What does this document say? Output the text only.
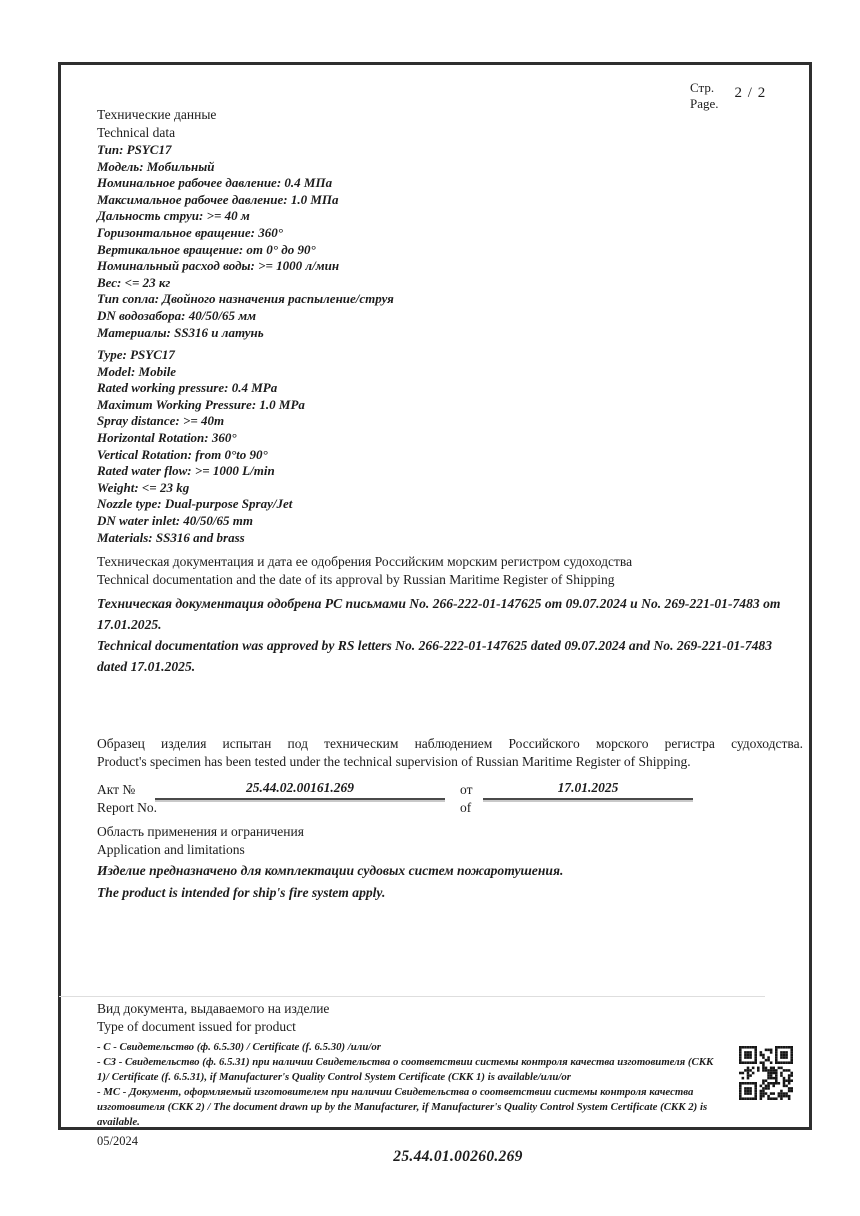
Стр.

Page.

2 / 2

Технические данные

Technical data

Тип: PSYC17
Модель: Мобильный
Номинальное рабочее давление: 0.4 МПа
Максимальное рабочее давление: 1.0 МПа
Дальность струи: >= 40 м
Горизонтальное вращение: 360°
Вертикальное вращение: от 0° до 90°
Номинальный расход воды: >= 1000 л/мин
Вес: <= 23 кг
Тип сопла: Двойного назначения распыление/струя
DN водозабора: 40/50/65 мм
Материалы: SS316 и латунь
Type: PSYC17
Model: Mobile
Rated working pressure: 0.4 MPa
Maximum Working Pressure: 1.0 MPa
Spray distance: >= 40m
Horizontal Rotation: 360°
Vertical Rotation: from 0°to 90°
Rated water flow: >= 1000 L/min
Weight: <= 23 kg
Nozzle type: Dual-purpose Spray/Jet
DN water inlet: 40/50/65 mm
Materials: SS316 and brass

Техническая документация и дата ее одобрения Российским морским регистром судоходства

Technical documentation and the date of its approval by Russian Maritime Register of Shipping

Техническая документация одобрена РС письмами No. 266-222-01-147625 от 09.07.2024 и No. 269-221-01-7483 от 17.01.2025.

Technical documentation was approved by RS letters No. 266-222-01-147625 dated 09.07.2024 and No. 269-221-01-7483 dated 17.01.2025.

Образец изделия испытан под техническим наблюдением Российского морского регистра судоходства.

Product's specimen has been tested under the technical supervision of Russian Maritime Register of Shipping.

Акт №

Report No.

25.44.02.00161.269	от

of

17.01.2025

Область применения и ограничения

Application and limitations

Изделие предназначено для комплектации судовых систем пожаротушения.

The product is intended for ship's fire system apply.

Вид документа, выдаваемого на изделие

Type of document issued for product

- С - Свидетельство (ф. 6.5.30) / Certificate (f. 6.5.30) /или/or
- СЗ - Свидетельство (ф. 6.5.31) при наличии Свидетельства о соответствии системы контроля качества изготовителя (СКК 1)/ Certificate (f. 6.5.31), if Manufacturer's Quality Control System Certificate (СКК 1) is available/или/or
- МС - Документ, оформляемый изготовителем при наличии Свидетельства о соответствии системы контроля качества изготовителя (СКК 2) / The document drawn up by the Manufacturer, if Manufacturer's Quality Control System Certificate (СКК 2) is available.
05/2024
25.44.01.00260.269
